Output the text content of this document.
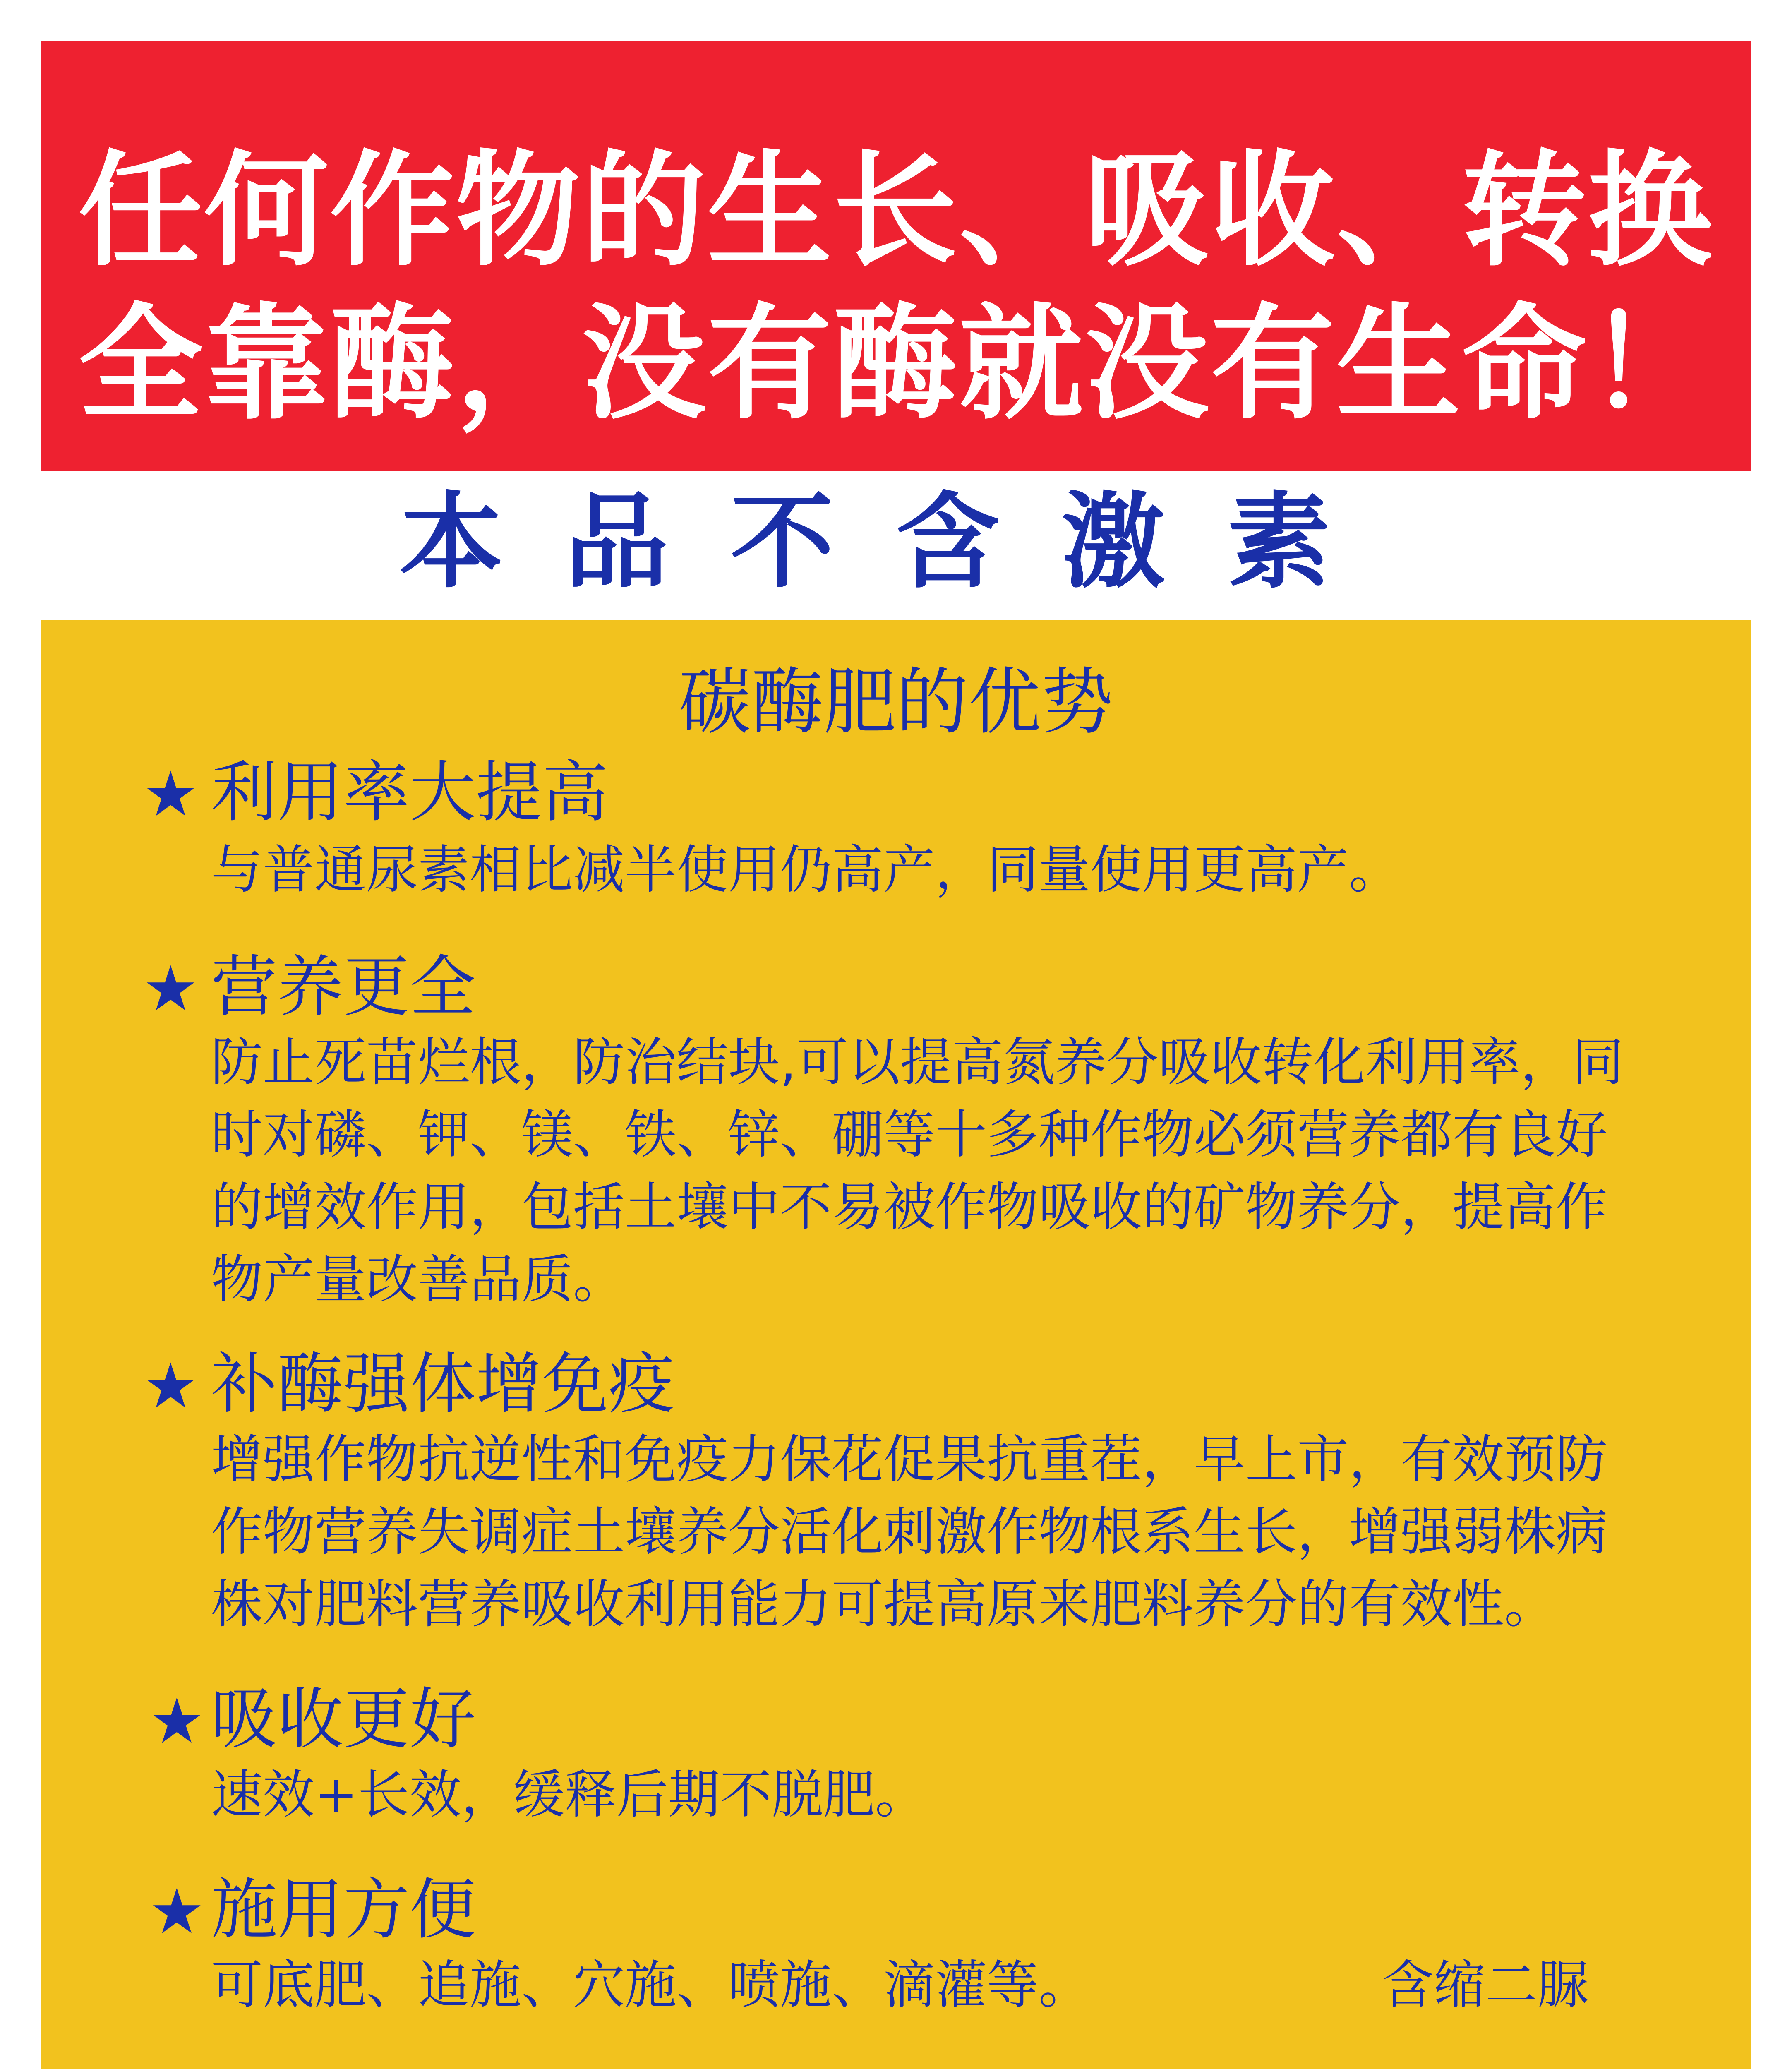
任何作物的生长、吸收、转换
全靠酶，没有酶就没有生命！
本品不含激素
碳酶肥的优势
★ 利用率大提高
与普通尿素相比减半使用仍高产，同量使用更高产。
★ 营养更全
防止死苗烂根，防治结块,可以提高氮养分吸收转化利用率，同
时对磷、钾、镁、铁、锌、硼等十多种作物必须营养都有良好
的增效作用，包括土壤中不易被作物吸收的矿物养分，提高作
物产量改善品质。
★ 补酶强体增免疫
增强作物抗逆性和免疫力保花促果抗重茬，早上市，有效预防
作物营养失调症土壤养分活化刺激作物根系生长，增强弱株病
株对肥料营养吸收利用能力可提高原来肥料养分的有效性。
★ 吸收更好
速效+长效，缓释后期不脱肥。
★ 施用方便
可底肥、追施、穴施、喷施、滴灌等。	含缩二脲
